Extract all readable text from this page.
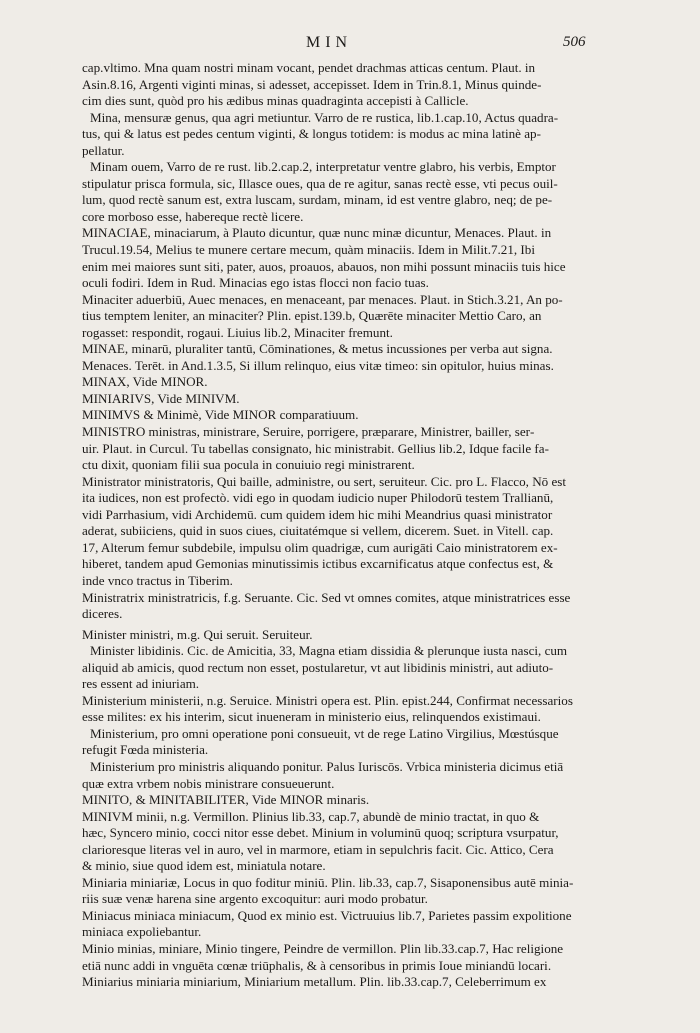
MIN	506
cap.vltimo. Mna quam nostri minam vocant, pendet drachmas atticas centum. Plaut. in
Asin.8.16, Argenti viginti minas, si adesset, accepisset. Idem in Trin.8.1, Minus quinde‑
cim dies sunt, quòd pro his ædibus minas quadraginta accepisti à Callicle.
Mina, mensuræ genus, qua agri metiuntur. Varro de re rustica, lib.1.cap.10, Actus quadra‑
tus, qui & latus est pedes centum viginti, & longus totidem: is modus ac mina latinè ap‑
pellatur.
Minam ouem, Varro de re rust. lib.2.cap.2, interpretatur ventre glabro, his verbis, Emptor
stipulatur prisca formula, sic, Illasce oues, qua de re agitur, sanas rectè esse, vti pecus ouil‑
lum, quod rectè sanum est, extra luscam, surdam, minam, id est ventre glabro, neq; de pe‑
core morboso esse, habereque rectè licere.
MINACIAE, minaciarum, à Plauto dicuntur, quæ nunc minæ dicuntur, Menaces. Plaut. in
Trucul.19.54, Melius te munere certare mecum, quàm minaciis. Idem in Milit.7.21, Ibi
enim mei maiores sunt siti, pater, auos, proauos, abauos, non mihi possunt minaciis tuis hice
oculi fodiri. Idem in Rud. Minacias ego istas flocci non facio tuas.
Minaciter aduerbiū, Auec menaces, en menaceant, par menaces. Plaut. in Stich.3.21, An po‑
tius temptem leniter, an minaciter? Plin. epist.139.b, Quærēte minaciter Mettio Caro, an
rogasset: respondit, rogaui. Liuius lib.2, Minaciter fremunt.
MINAE, minarū, pluraliter tantū, Cōminationes, & metus incussiones per verba aut signa.
Menaces. Terēt. in And.1.3.5, Si illum relinquo, eius vitæ timeo: sin opitulor, huius minas.
MINAX, Vide MINOR.
MINIARIVS, Vide MINIVM.
MINIMVS & Minimè, Vide MINOR comparatiuum.
MINISTRO ministras, ministrare, Seruire, porrigere, præparare, Ministrer, bailler, ser‑
uir. Plaut. in Curcul. Tu tabellas consignato, hic ministrabit. Gellius lib.2, Idque facile fa‑
ctu dixit, quoniam filii sua pocula in conuiuio regi ministrarent.
Ministrator ministratoris, Qui baille, administre, ou sert, seruiteur. Cic. pro L. Flacco, Nō est
ita iudices, non est profectò. vidi ego in quodam iudicio nuper Philodorū testem Trallianū,
vidi Parrhasium, vidi Archidemū. cum quidem idem hic mihi Meandrius quasi ministrator
aderat, subiiciens, quid in suos ciues, ciuitatémque si vellem, dicerem. Suet. in Vitell. cap.
17, Alterum femur subdebile, impulsu olim quadrigæ, cum aurigāti Caio ministratorem ex‑
hiberet, tandem apud Gemonias minutissimis ictibus excarnificatus atque confectus est, &
inde vnco tractus in Tiberim.
Ministratrix ministratricis, f.g. Seruante. Cic. Sed vt omnes comites, atque ministratrices esse
diceres.
Minister ministri, m.g. Qui seruit. Seruiteur.
Minister libidinis. Cic. de Amicitia, 33, Magna etiam dissidia & plerunque iusta nasci, cum
aliquid ab amicis, quod rectum non esset, postularetur, vt aut libidinis ministri, aut adiuto‑
res essent ad iniuriam.
Ministerium ministerii, n.g. Seruice. Ministri opera est. Plin. epist.244, Confirmat necessarios
esse milites: ex his interim, sicut inueneram in ministerio eius, relinquendos existimaui.
Ministerium, pro omni operatione poni consueuit, vt de rege Latino Virgilius, Mœstúsque
refugit Fœda ministeria.
Ministerium pro ministris aliquando ponitur. Palus Iuriscōs. Vrbica ministeria dicimus etiā
quæ extra vrbem nobis ministrare consueuerunt.
MINITO, & MINITABILITER, Vide MINOR minaris.
MINIVM minii, n.g. Vermillon. Plinius lib.33, cap.7, abundè de minio tractat, in quo &
hæc, Syncero minio, cocci nitor esse debet. Minium in voluminū quoq; scriptura vsurpatur,
clarioresque literas vel in auro, vel in marmore, etiam in sepulchris facit. Cic. Attico, Cera
& minio, siue quod idem est, miniatula notare.
Miniaria miniariæ, Locus in quo foditur miniū. Plin. lib.33, cap.7, Sisaponensibus autē minia‑
riis suæ venæ harena sine argento excoquitur: auri modo probatur.
Miniacus miniaca miniacum, Quod ex minio est. Victruuius lib.7, Parietes passim expolitione
miniaca expoliebantur.
Minio minias, miniare, Minio tingere, Peindre de vermillon. Plin lib.33.cap.7, Hac religione
etiā nunc addi in vnguēta cœnæ triūphalis, & à censoribus in primis Ioue miniandū locari.
Miniarius miniaria miniarium, Miniarium metallum. Plin. lib.33.cap.7, Celeberrimum ex
